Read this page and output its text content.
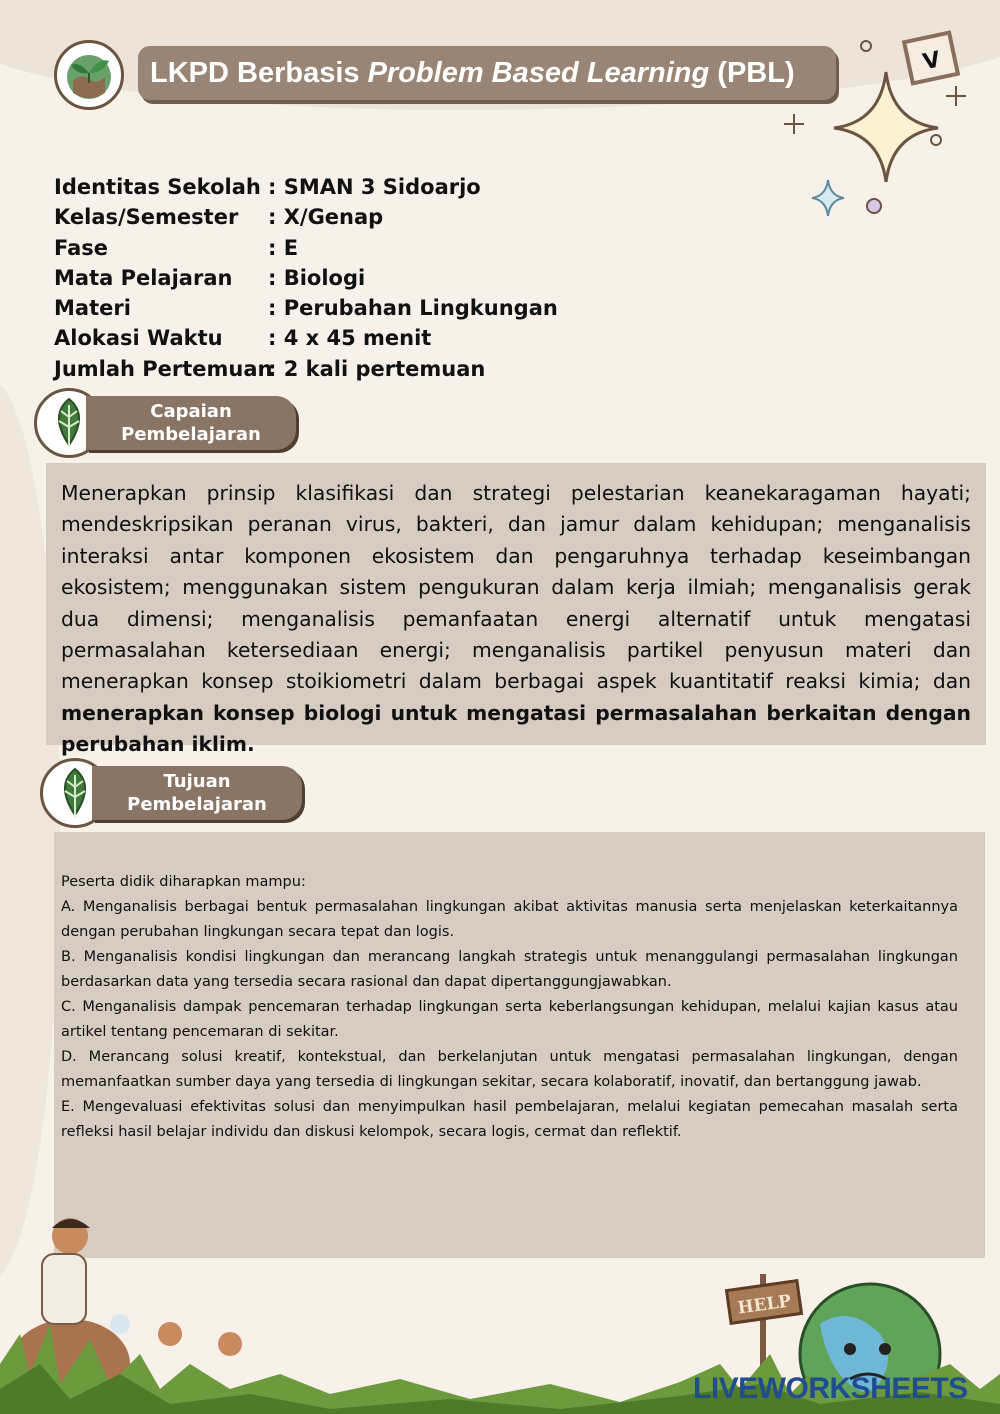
LKPD Berbasis Problem Based Learning (PBL)	V
Identitas Sekolah : SMAN 3 Sidoarjo
Kelas/Semester : X/Genap
Fase	: E
Mata Pelajaran : Biologi
Materi	: Perubahan Lingkungan
Alokasi Waktu : 4 x 45 menit
Jumlah Pertemuan: 2 kali pertemuan
Capaian
Pembelajaran
Menerapkan prinsip klasifikasi dan strategi pelestarian keanekaragaman hayati; mendeskripsikan peranan virus, bakteri, dan jamur dalam kehidupan; menganalisis interaksi antar komponen ekosistem dan pengaruhnya terhadap keseimbangan ekosistem; menggunakan sistem pengukuran dalam kerja ilmiah; menganalisis gerak dua dimensi; menganalisis pemanfaatan energi alternatif untuk mengatasi permasalahan ketersediaan energi; menganalisis partikel penyusun materi dan menerapkan konsep stoikiometri dalam berbagai aspek kuantitatif reaksi kimia; dan menerapkan konsep biologi untuk mengatasi permasalahan berkaitan dengan perubahan iklim.
Tujuan
Pembelajaran

Peserta didik diharapkan mampu:

A. Menganalisis berbagai bentuk permasalahan lingkungan akibat aktivitas manusia serta menjelaskan keterkaitannya dengan perubahan lingkungan secara tepat dan logis.

B. Menganalisis kondisi lingkungan dan merancang langkah strategis untuk menanggulangi permasalahan lingkungan berdasarkan data yang tersedia secara rasional dan dapat dipertanggungjawabkan.

C. Menganalisis dampak pencemaran terhadap lingkungan serta keberlangsungan kehidupan, melalui kajian kasus atau artikel tentang pencemaran di sekitar.

D. Merancang solusi kreatif, kontekstual, dan berkelanjutan untuk mengatasi permasalahan lingkungan, dengan memanfaatkan sumber daya yang tersedia di lingkungan sekitar, secara kolaboratif, inovatif, dan bertanggung jawab.

E. Mengevaluasi efektivitas solusi dan menyimpulkan hasil pembelajaran, melalui kegiatan pemecahan masalah serta refleksi hasil belajar individu dan diskusi kelompok, secara logis, cermat dan reflektif.

HELP
LIVEWORKSHEETS
